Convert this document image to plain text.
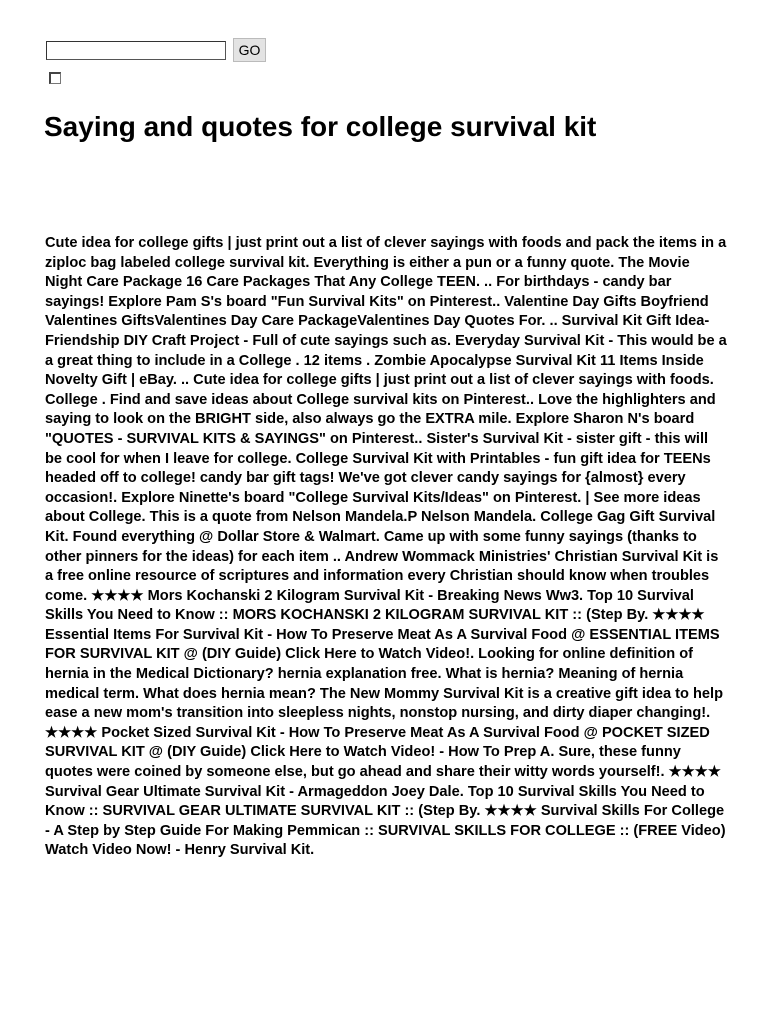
GO
Saying and quotes for college survival kit

Cute idea for college gifts | just print out a list of clever sayings with foods and pack the items in a ziploc bag labeled college survival kit. Everything is either a pun or a funny quote. The Movie Night Care Package 16 Care Packages That Any College TEEN. .. For birthdays - candy bar sayings! Explore Pam S's board "Fun Survival Kits" on Pinterest.. Valentine Day Gifts Boyfriend Valentines GiftsValentines Day Care PackageValentines Day Quotes For. .. Survival Kit Gift Idea- Friendship DIY Craft Project - Full of cute sayings such as. Everyday Survival Kit - This would be a a great thing to include in a College . 12 items . Zombie Apocalypse Survival Kit 11 Items Inside Novelty Gift | eBay. .. Cute idea for college gifts | just print out a list of clever sayings with foods. College . Find and save ideas about College survival kits on Pinterest.. Love the highlighters and saying to look on the BRIGHT side, also always go the EXTRA mile. Explore Sharon N's board "QUOTES - SURVIVAL KITS & SAYINGS" on Pinterest.. Sister's Survival Kit - sister gift - this will be cool for when I leave for college. College Survival Kit with Printables - fun gift idea for TEENs headed off to college! candy bar gift tags! We've got clever candy sayings for {almost} every occasion!. Explore Ninette's board "College Survival Kits/Ideas" on Pinterest. | See more ideas about College. This is a quote from Nelson Mandela.P Nelson Mandela. College Gag Gift Survival Kit. Found everything @ Dollar Store & Walmart. Came up with some funny sayings (thanks to other pinners for the ideas) for each item .. Andrew Wommack Ministries' Christian Survival Kit is a free online resource of scriptures and information every Christian should know when troubles come. ★★★★ Mors Kochanski 2 Kilogram Survival Kit - Breaking News Ww3. Top 10 Survival Skills You Need to Know :: MORS KOCHANSKI 2 KILOGRAM SURVIVAL KIT :: (Step By. ★★★★ Essential Items For Survival Kit - How To Preserve Meat As A Survival Food @ ESSENTIAL ITEMS FOR SURVIVAL KIT @ (DIY Guide) Click Here to Watch Video!. Looking for online definition of hernia in the Medical Dictionary? hernia explanation free. What is hernia? Meaning of hernia medical term. What does hernia mean? The New Mommy Survival Kit is a creative gift idea to help ease a new mom's transition into sleepless nights, nonstop nursing, and dirty diaper changing!. ★★★★ Pocket Sized Survival Kit - How To Preserve Meat As A Survival Food @ POCKET SIZED SURVIVAL KIT @ (DIY Guide) Click Here to Watch Video! - How To Prep A. Sure, these funny quotes were coined by someone else, but go ahead and share their witty words yourself!. ★★★★ Survival Gear Ultimate Survival Kit - Armageddon Joey Dale. Top 10 Survival Skills You Need to Know :: SURVIVAL GEAR ULTIMATE SURVIVAL KIT :: (Step By. ★★★★ Survival Skills For College - A Step by Step Guide For Making Pemmican :: SURVIVAL SKILLS FOR COLLEGE :: (FREE Video) Watch Video Now! - Henry Survival Kit.
